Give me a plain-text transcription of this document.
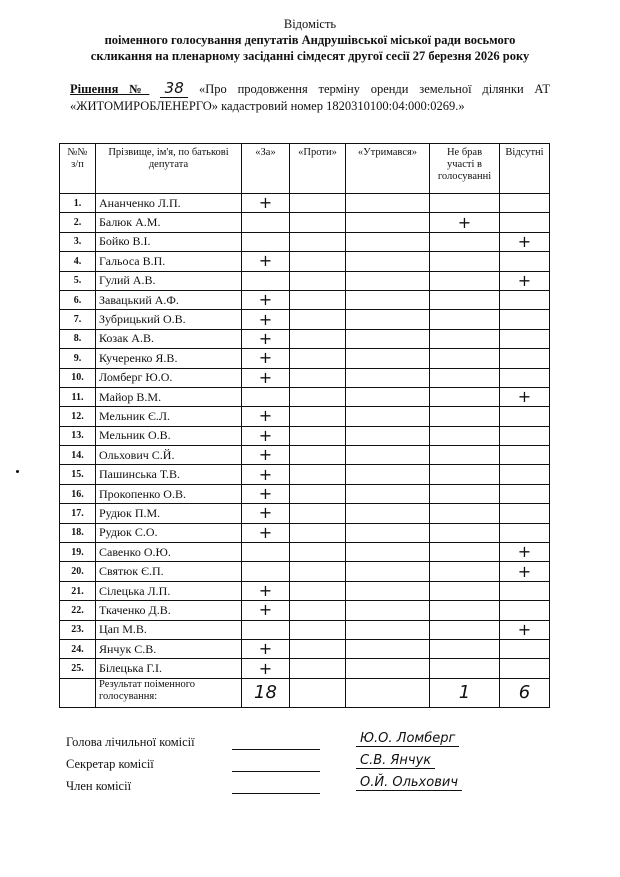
Відомість
поіменного голосування депутатів Андрушівської міської ради восьмого
скликання на пленарному засіданні сімдесят другої сесії 27 березня 2026 року
Рішення № 38 «Про продовження терміну оренди земельної ділянки АТ «ЖИТОМИРОБЛЕНЕРГО» кадастровий номер 1820310100:04:000:0269.»
№№ з/п	Прізвище, ім'я, по батькові депутата	«За»	«Проти»	«Утримався»	Не брав участі в голосуванні	Відсутні
1.	Ананченко Л.П.	+				
2.	Балюк А.М.				+	
3.	Бойко В.І.					+
4.	Гальоса В.П.	+				
5.	Гулий А.В.					+
6.	Завацький А.Ф.	+				
7.	Зубрицький О.В.	+				
8.	Козак А.В.	+				
9.	Кучеренко Я.В.	+				
10.	Ломберг Ю.О.	+				
11.	Майор В.М.					+
12.	Мельник Є.Л.	+				
13.	Мельник О.В.	+				
14.	Ольхович С.Й.	+				
15.	Пашинська Т.В.	+				
16.	Прокопенко О.В.	+				
17.	Рудюк П.М.	+				
18.	Рудюк С.О.	+				
19.	Савенко О.Ю.					+
20.	Святюк Є.П.					+
21.	Сілецька Л.П.	+				
22.	Ткаченко Д.В.	+				
23.	Цап М.В.					+
24.	Янчук С.В.	+				
25.	Білецька Г.І.	+				
	Результат поіменного голосування:	18			1	6
Голова лічильної комісії	Ю.О. Ломберг
Секретар комісії	С.В. Янчук
Член комісії	О.Й. Ольхович
